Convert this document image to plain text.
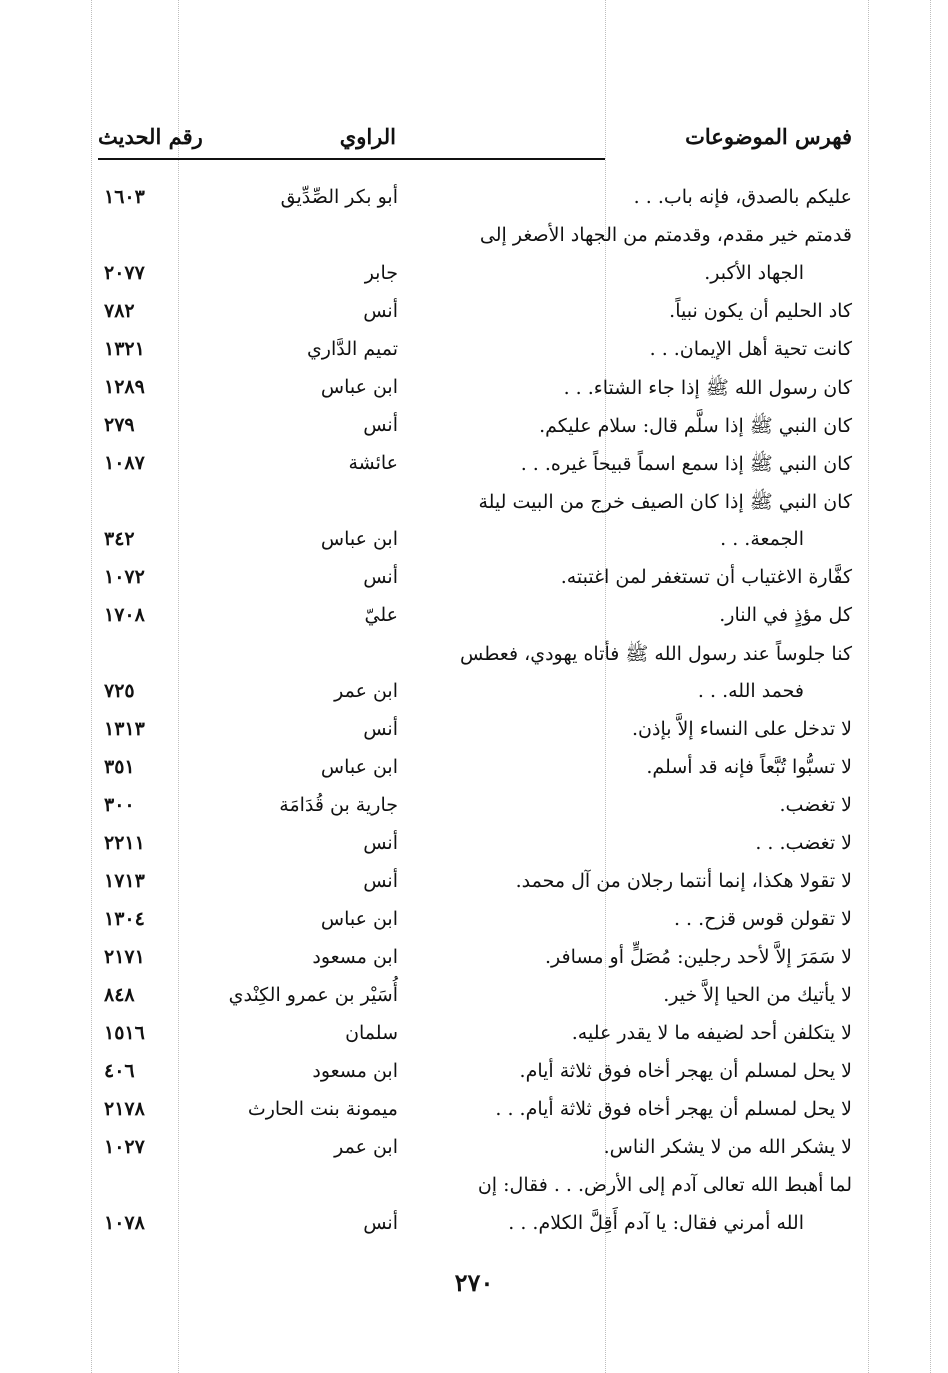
فهرس الموضوعات
الراوي
رقم الحديث
عليكم بالصدق، فإنه باب. . .
أبو بكر الصِّدِّيق
١٦٠٣
قدمتم خير مقدم، وقدمتم من الجهاد الأصغر إلى
الجهاد الأكبر.
جابر
٢٠٧٧
كاد الحليم أن يكون نبياً.
أنس
٧٨٢
كانت تحية أهل الإيمان. . .
تميم الدَّاري
١٣٢١
كان رسول الله ﷺ إذا جاء الشتاء. . .
ابن عباس
١٢٨٩
كان النبي ﷺ إذا سلَّم قال: سلام عليكم.
أنس
٢٧٩
كان النبي ﷺ إذا سمع اسماً قبيحاً غيره. . .
عائشة
١٠٨٧
كان النبي ﷺ إذا كان الصيف خرج من البيت ليلة
الجمعة. . .
ابن عباس
٣٤٢
كفَّارة الاغتياب أن تستغفر لمن اغتبته.
أنس
١٠٧٢
كل مؤذٍ في النار.
عليّ
١٧٠٨
كنا جلوساً عند رسول الله ﷺ فأتاه يهودي، فعطس
فحمد الله. . .
ابن عمر
٧٢٥
لا تدخل على النساء إلاَّ بإذن.
أنس
١٣١٣
لا تسبُّوا تُبَّعاً فإنه قد أسلم.
ابن عباس
٣٥١
لا تغضب.
جارية بن قُدَامَة
٣٠٠
لا تغضب. . .
أنس
٢٢١١
لا تقولا هكذا، إنما أنتما رجلان من آل محمد.
أنس
١٧١٣
لا تقولن قوس قزح. . .
ابن عباس
١٣٠٤
لا سَمَرَ إلاَّ لأحد رجلين: مُصَلٍّ أو مسافر.
ابن مسعود
٢١٧١
لا يأتيك من الحيا إلاَّ خير.
أُسَيْر بن عمرو الكِنْدي
٨٤٨
لا يتكلفن أحد لضيفه ما لا يقدر عليه.
سلمان
١٥١٦
لا يحل لمسلم أن يهجر أخاه فوق ثلاثة أيام.
ابن مسعود
٤٠٦
لا يحل لمسلم أن يهجر أخاه فوق ثلاثة أيام. . .
ميمونة بنت الحارث
٢١٧٨
لا يشكر الله من لا يشكر الناس.
ابن عمر
١٠٢٧
لما أهبط الله تعالى آدم إلى الأرض. . . فقال: إن
الله أمرني فقال: يا آدم أَقِلَّ الكلام. . .
أنس
١٠٧٨
٢٧٠
